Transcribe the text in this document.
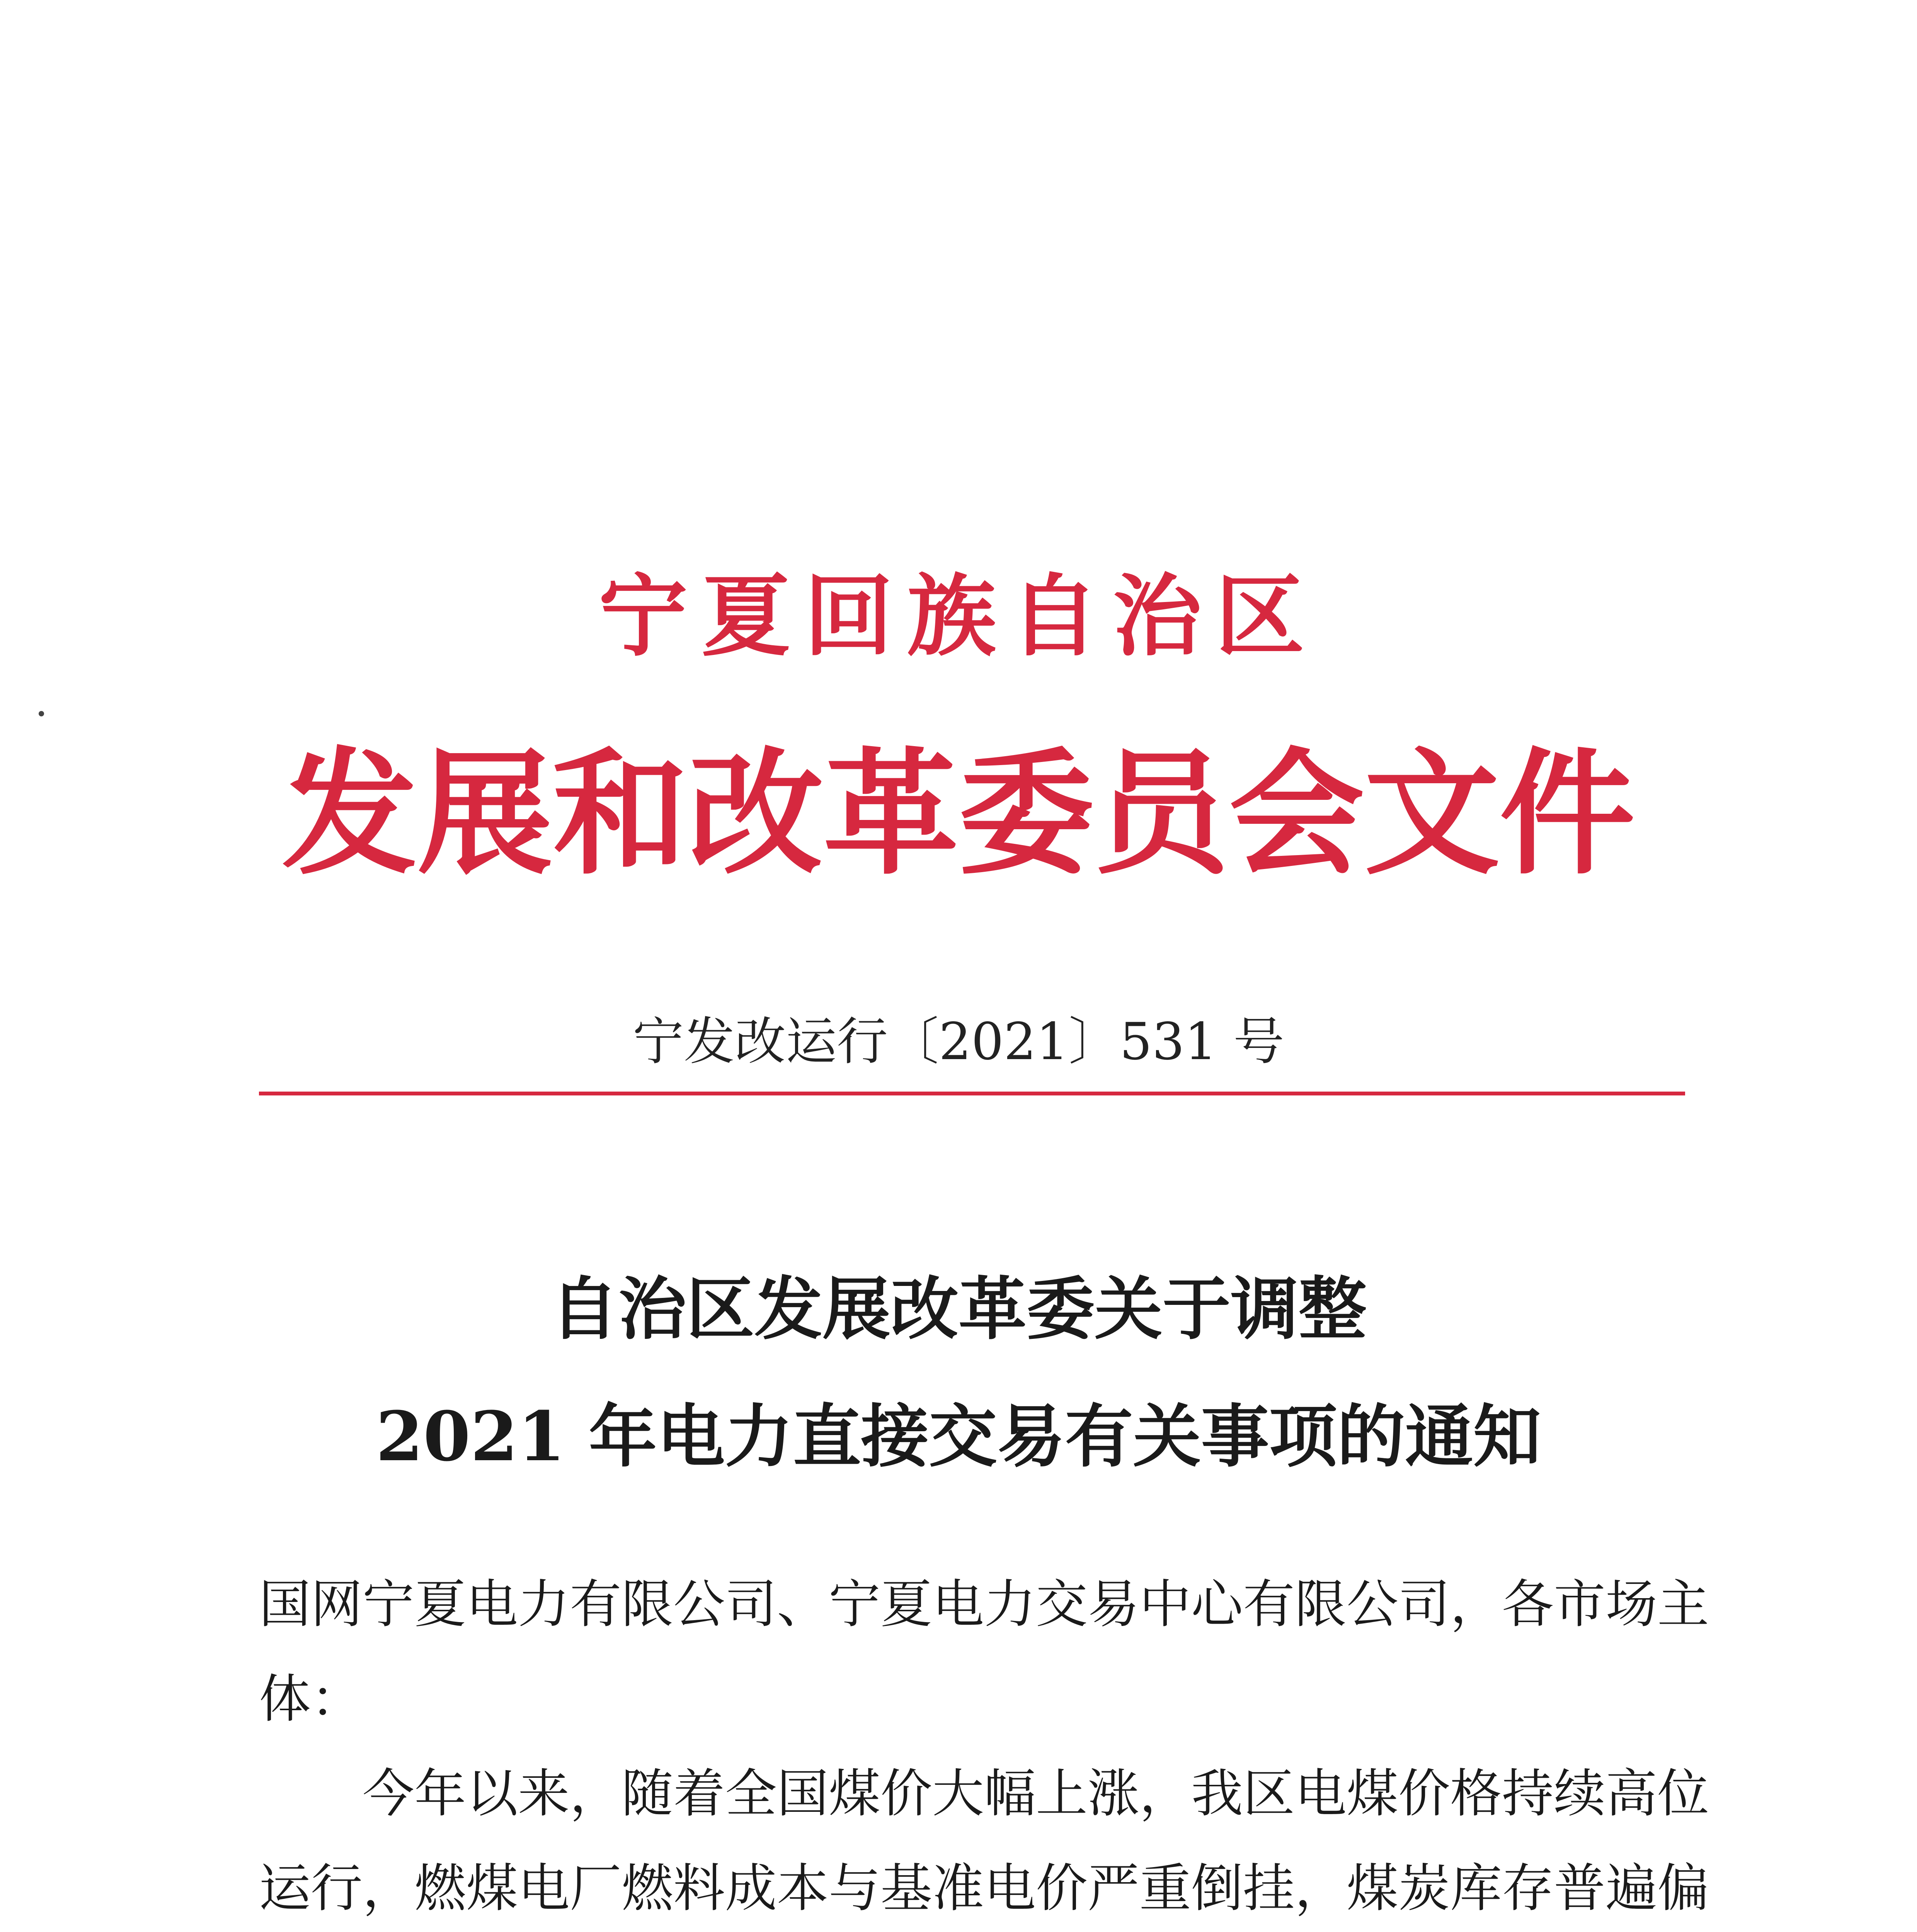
宁夏回族自治区
发展和改革委员会文件
宁发改运行〔2021〕531 号
自治区发展改革委关于调整
2021 年电力直接交易有关事项的通知
国网宁夏电力有限公司、宁夏电力交易中心有限公司，各市场主
体：
　　今年以来，随着全国煤价大幅上涨，我区电煤价格持续高位
运行，燃煤电厂燃料成本与基准电价严重倒挂，煤炭库存普遍偏
